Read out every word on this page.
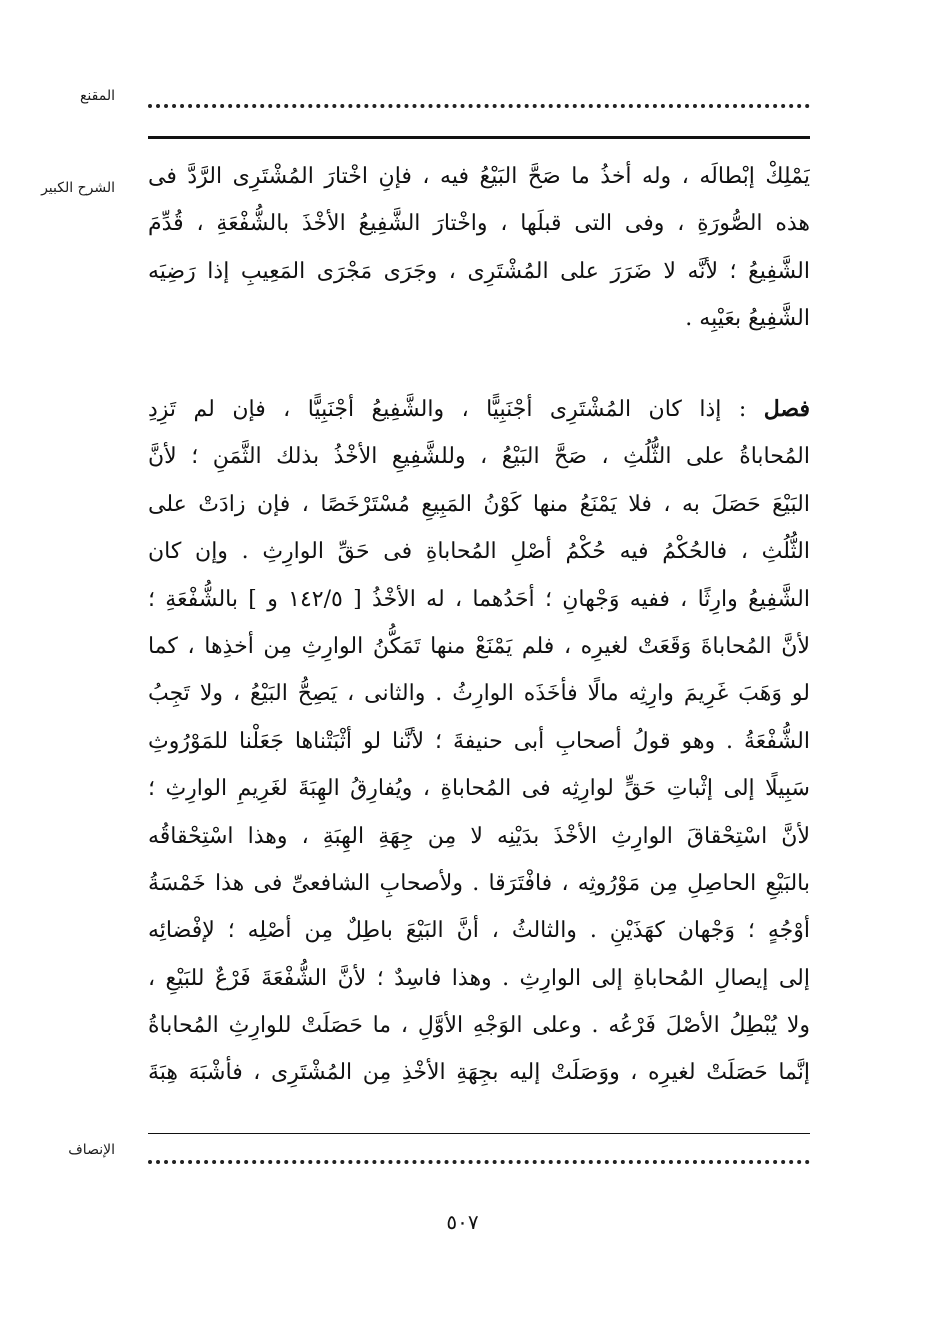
المقنع
الشرح الكبير يَمْلِكْ إبْطالَه ، وله أخذُ ما صَحَّ البَيْعُ فيه ، فإنِ اخْتارَ المُشْتَرِى الرَّدَّ فى
هذه الصُّورَةِ ، وفى التى قبلَها ، واخْتارَ الشَّفِيعُ الأخْذَ بالشُّفْعَةِ ، قُدِّمَ
الشَّفِيعُ ؛ لأنَّه لا ضَرَرَ على المُشْتَرِى ، وجَرَى مَجْرَى المَعِيبِ إذا رَضِيَه
الشَّفِيعُ بعَيْبِه .
فصل : إذا كان المُشْتَرِى أجْنَبِيًّا ، والشَّفِيعُ أجْنَبِيًّا ، فإن لم تَزِدِ
المُحاباةُ على الثُّلُثِ ، صَحَّ البَيْعُ ، وللشَّفِيعِ الأخْذُ بذلك الثَّمَنِ ؛ لأنَّ
البَيْعَ حَصَلَ به ، فلا يَمْنَعُ منها كَوْنُ المَبِيعِ مُسْتَرْخَصًا ، فإن زادَتْ على
الثُّلُثِ ، فالحُكْمُ فيه حُكْمُ أصْلِ المُحاباةِ فى حَقِّ الوارِثِ . وإن كان
الشَّفِيعُ وارِثًا ، ففيه وَجْهانِ ؛ أحَدُهما ، له الأخْذُ [ ١٤٢/٥ و ] بالشُّفْعَةِ ؛
لأنَّ المُحاباةَ وَقَعَتْ لغيرِه ، فلم يَمْنَعْ منها تَمَكُّنُ الوارِثِ مِن أخذِها ، كما
لو وَهَبَ غَرِيمَ وارِثِه مالًا فأخَذَه الوارِثُ . والثانى ، يَصِحُّ البَيْعُ ، ولا تَجِبُ
الشُّفْعَةُ . وهو قولُ أصحابِ أبى حنيفةَ ؛ لأنَّنا لو أثْبَتْناها جَعَلْنا للمَوْرُوثِ
سَبِيلًا إلى إثْباتِ حَقٍّ لوارِثِه فى المُحاباةِ ، ويُفارِقُ الهِبَةَ لغَرِيمِ الوارِثِ ؛
لأنَّ اسْتِحْقاقَ الوارِثِ الأخْذَ بدَيْنِه لا مِن جِهَةِ الهِبَةِ ، وهذا اسْتِحْقاقُه
بالبَيْعِ الحاصِلِ مِن مَوْرُوثِه ، فافْتَرَقا . ولأصحابِ الشافعىِّ فى هذا خَمْسَةُ
أوْجُهٍ ؛ وَجْهان كهَذَيْنِ . والثالثُ ، أنَّ البَيْعَ باطِلٌ مِن أصْلِه ؛ لإفْضائِه
إلى إيصالِ المُحاباةِ إلى الوارِثِ . وهذا فاسِدٌ ؛ لأنَّ الشُّفْعَةَ فَرْعٌ للبَيْعِ ،
ولا يُبْطِلُ الأصْلَ فَرْعُه . وعلى الوَجْهِ الأوَّلِ ، ما حَصَلَتْ للوارِثِ المُحاباةُ
إنَّما حَصَلَتْ لغيرِه ، ووَصَلَتْ إليه بجِهَةِ الأخْذِ مِن المُشْتَرِى ، فأشْبَهَ هِبَةَ
الإنصاف
٥٠٧
